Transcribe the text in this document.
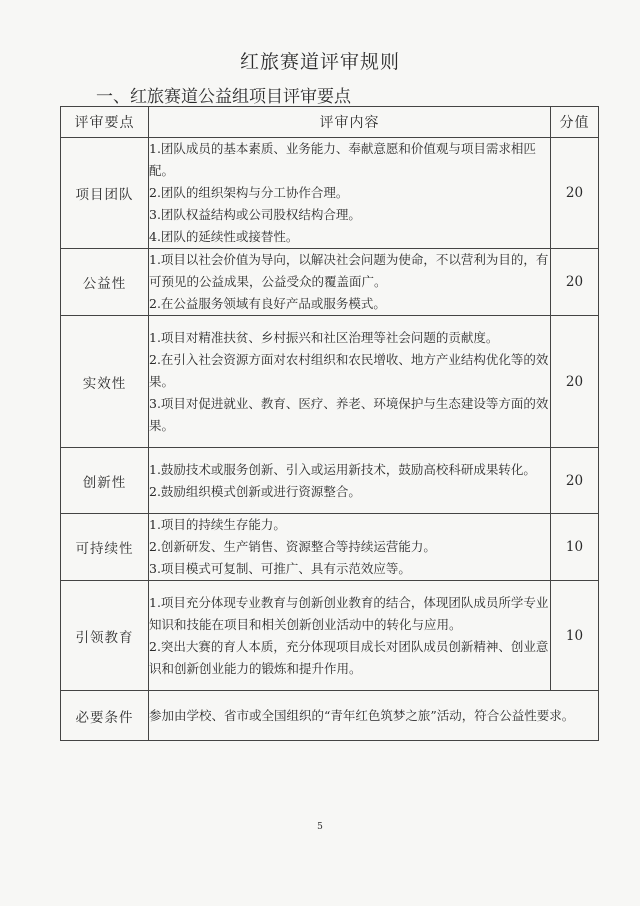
红旅赛道评审规则
一、红旅赛道公益组项目评审要点
评审要点	评审内容	分值
项目团队	1.团队成员的基本素质、业务能力、奉献意愿和价值观与项目需求相匹配。
2.团队的组织架构与分工协作合理。
3.团队权益结构或公司股权结构合理。
4.团队的延续性或接替性。	20
公益性	1.项目以社会价值为导向，以解决社会问题为使命，不以营利为目的，有可预见的公益成果，公益受众的覆盖面广。
2.在公益服务领域有良好产品或服务模式。	20
实效性	1.项目对精准扶贫、乡村振兴和社区治理等社会问题的贡献度。
2.在引入社会资源方面对农村组织和农民增收、地方产业结构优化等的效果。
3.项目对促进就业、教育、医疗、养老、环境保护与生态建设等方面的效果。	20
创新性	1.鼓励技术或服务创新、引入或运用新技术，鼓励高校科研成果转化。
2.鼓励组织模式创新或进行资源整合。	20
可持续性	1.项目的持续生存能力。
2.创新研发、生产销售、资源整合等持续运营能力。
3.项目模式可复制、可推广、具有示范效应等。	10
引领教育	1.项目充分体现专业教育与创新创业教育的结合，体现团队成员所学专业知识和技能在项目和相关创新创业活动中的转化与应用。
2.突出大赛的育人本质，充分体现项目成长对团队成员创新精神、创业意识和创新创业能力的锻炼和提升作用。	10
必要条件	参加由学校、省市或全国组织的“青年红色筑梦之旅”活动，符合公益性要求。	
5
